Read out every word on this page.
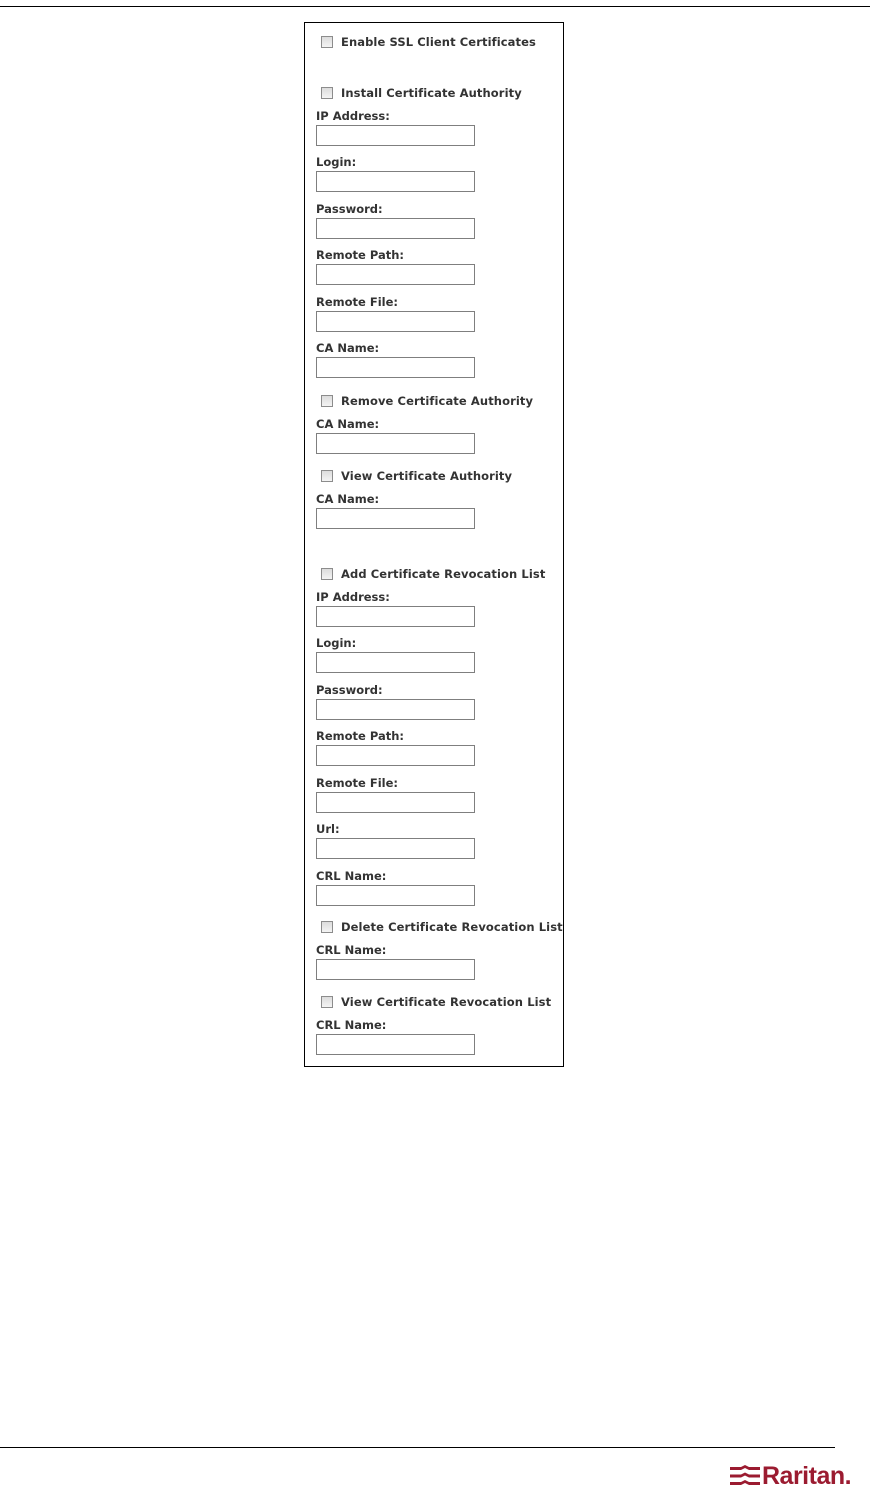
Enable SSL Client Certificates
Install Certificate Authority
IP Address:
Login:
Password:
Remote Path:
Remote File:
CA Name:
Remove Certificate Authority
CA Name:
View Certificate Authority
CA Name:
Add Certificate Revocation List
IP Address:
Login:
Password:
Remote Path:
Remote File:
Url:
CRL Name:
Delete Certificate Revocation List
CRL Name:
View Certificate Revocation List
CRL Name:
Raritan.
